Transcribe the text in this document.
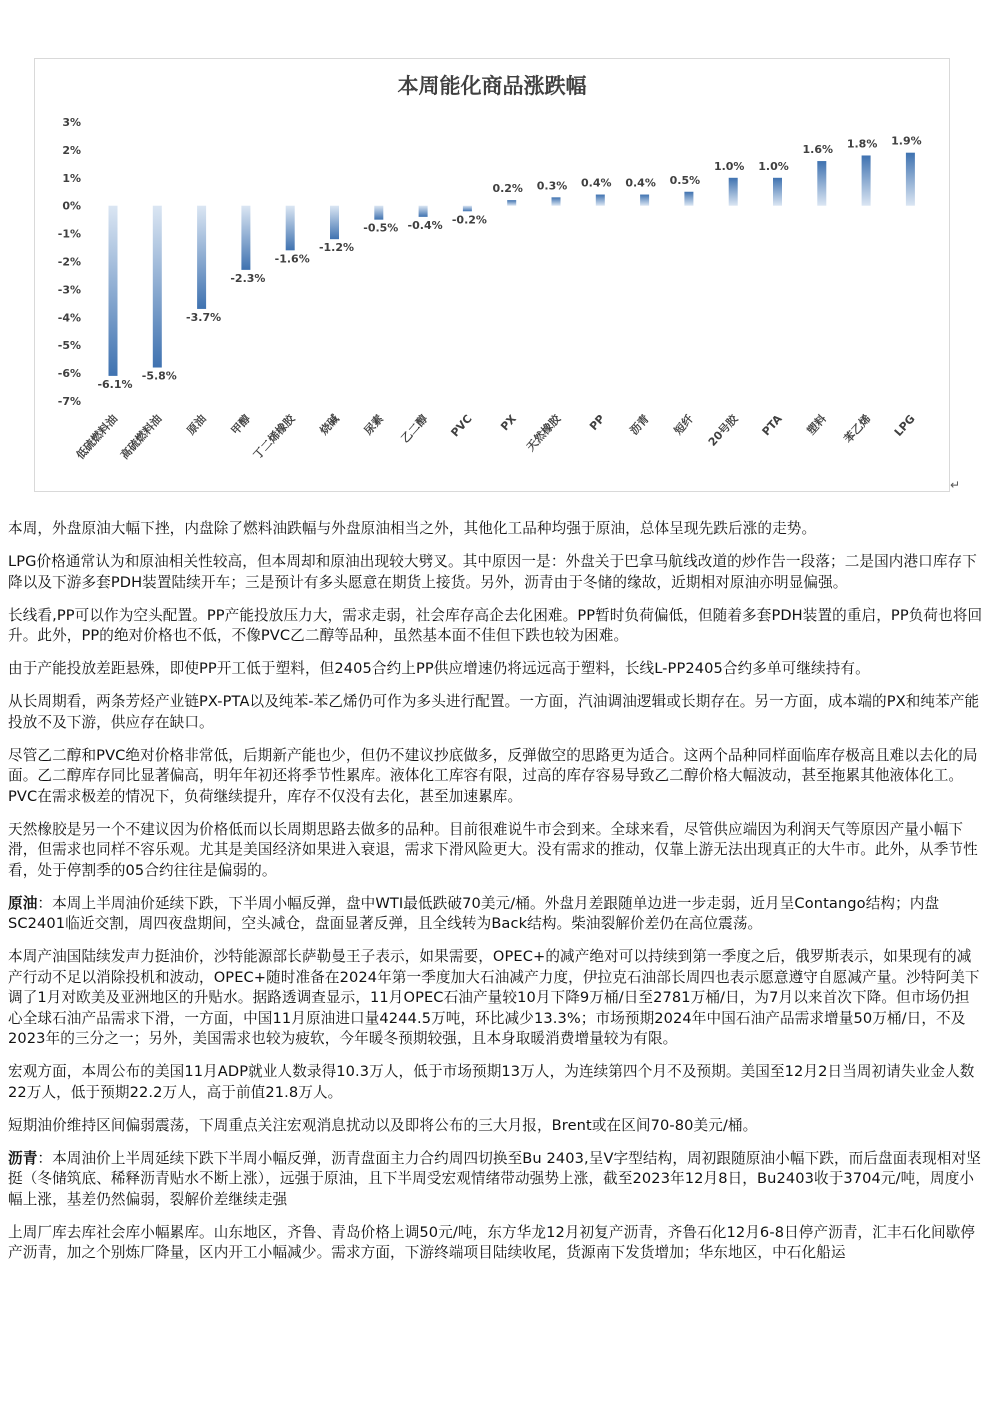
本周能化商品涨跌幅
3%
2%
1%
0%
-1%
-2%
-3%
-4%
-5%
-6%
-7%
-6.1%
低硫燃料油
-5.8%
高硫燃料油
-3.7%
原油
-2.3%
甲醇
-1.6%
丁二烯橡胶
-1.2%
烧碱
-0.5%
尿素
-0.4%
乙二醇
-0.2%
PVC
0.2%
PX
0.3%
天然橡胶
0.4%
PP
0.4%
沥青
0.5%
短纤
1.0%
20号胶
1.0%
PTA
1.6%
塑料
1.8%
苯乙烯
1.9%
LPG
↵

本周，外盘原油大幅下挫，内盘除了燃料油跌幅与外盘原油相当之外，其他化工品种均强于原油，总体呈现先跌后涨的走势。

LPG价格通常认为和原油相关性较高，但本周却和原油出现较大劈叉。其中原因一是：外盘关于巴拿马航线改道的炒作告一段落；二是国内港口库存下降以及下游多套PDH装置陆续开车；三是预计有多头愿意在期货上接货。另外，沥青由于冬储的缘故，近期相对原油亦明显偏强。

长线看,PP可以作为空头配置。PP产能投放压力大，需求走弱，社会库存高企去化困难。PP暂时负荷偏低，但随着多套PDH装置的重启，PP负荷也将回升。此外，PP的绝对价格也不低，不像PVC乙二醇等品种，虽然基本面不佳但下跌也较为困难。

由于产能投放差距悬殊，即使PP开工低于塑料，但2405合约上PP供应增速仍将远远高于塑料，长线L-PP2405合约多单可继续持有。

从长周期看，两条芳烃产业链PX-PTA以及纯苯-苯乙烯仍可作为多头进行配置。一方面，汽油调油逻辑或长期存在。另一方面，成本端的PX和纯苯产能投放不及下游，供应存在缺口。

尽管乙二醇和PVC绝对价格非常低，后期新产能也少，但仍不建议抄底做多，反弹做空的思路更为适合。这两个品种同样面临库存极高且难以去化的局面。乙二醇库存同比显著偏高，明年年初还将季节性累库。液体化工库容有限，过高的库存容易导致乙二醇价格大幅波动，甚至拖累其他液体化工。PVC在需求极差的情况下，负荷继续提升，库存不仅没有去化，甚至加速累库。

天然橡胶是另一个不建议因为价格低而以长周期思路去做多的品种。目前很难说牛市会到来。全球来看，尽管供应端因为利润天气等原因产量小幅下滑，但需求也同样不容乐观。尤其是美国经济如果进入衰退，需求下滑风险更大。没有需求的推动，仅靠上游无法出现真正的大牛市。此外，从季节性看，处于停割季的05合约往往是偏弱的。

原油：本周上半周油价延续下跌，下半周小幅反弹，盘中WTI最低跌破70美元/桶。外盘月差跟随单边进一步走弱，近月呈Contango结构；内盘SC2401临近交割，周四夜盘期间，空头减仓，盘面显著反弹，且全线转为Back结构。柴油裂解价差仍在高位震荡。

本周产油国陆续发声力挺油价，沙特能源部长萨勒曼王子表示，如果需要，OPEC+的减产绝对可以持续到第一季度之后，俄罗斯表示，如果现有的减产行动不足以消除投机和波动，OPEC+随时准备在2024年第一季度加大石油减产力度，伊拉克石油部长周四也表示愿意遵守自愿减产量。沙特阿美下调了1月对欧美及亚洲地区的升贴水。据路透调查显示，11月OPEC石油产量较10月下降9万桶/日至2781万桶/日，为7月以来首次下降。但市场仍担心全球石油产品需求下滑，一方面，中国11月原油进口量4244.5万吨，环比减少13.3%；市场预期2024年中国石油产品需求增量50万桶/日，不及2023年的三分之一；另外，美国需求也较为疲软，今年暖冬预期较强，且本身取暖消费增量较为有限。

宏观方面，本周公布的美国11月ADP就业人数录得10.3万人，低于市场预期13万人，为连续第四个月不及预期。美国至12月2日当周初请失业金人数22万人，低于预期22.2万人，高于前值21.8万人。

短期油价维持区间偏弱震荡，下周重点关注宏观消息扰动以及即将公布的三大月报，Brent或在区间70-80美元/桶。

沥青：本周油价上半周延续下跌下半周小幅反弹，沥青盘面主力合约周四切换至Bu 2403,呈V字型结构，周初跟随原油小幅下跌，而后盘面表现相对坚挺（冬储筑底、稀释沥青贴水不断上涨），远强于原油，且下半周受宏观情绪带动强势上涨，截至2023年12月8日，Bu2403收于3704元/吨，周度小幅上涨，基差仍然偏弱，裂解价差继续走强

上周厂库去库社会库小幅累库。山东地区，齐鲁、青岛价格上调50元/吨，东方华龙12月初复产沥青，齐鲁石化12月6-8日停产沥青，汇丰石化间歇停产沥青，加之个别炼厂降量，区内开工小幅减少。需求方面，下游终端项目陆续收尾，货源南下发货增加；华东地区，中石化船运
